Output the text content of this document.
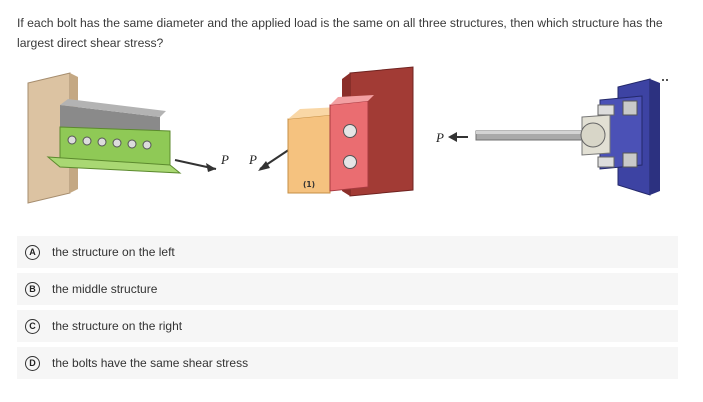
If each bolt has the same diameter and the applied load is the same on all three structures, then which structure has the largest direct shear stress?
P P
(1)
P
A	the structure on the left
B	the middle structure
C	the structure on the right
D	the bolts have the same shear stress
